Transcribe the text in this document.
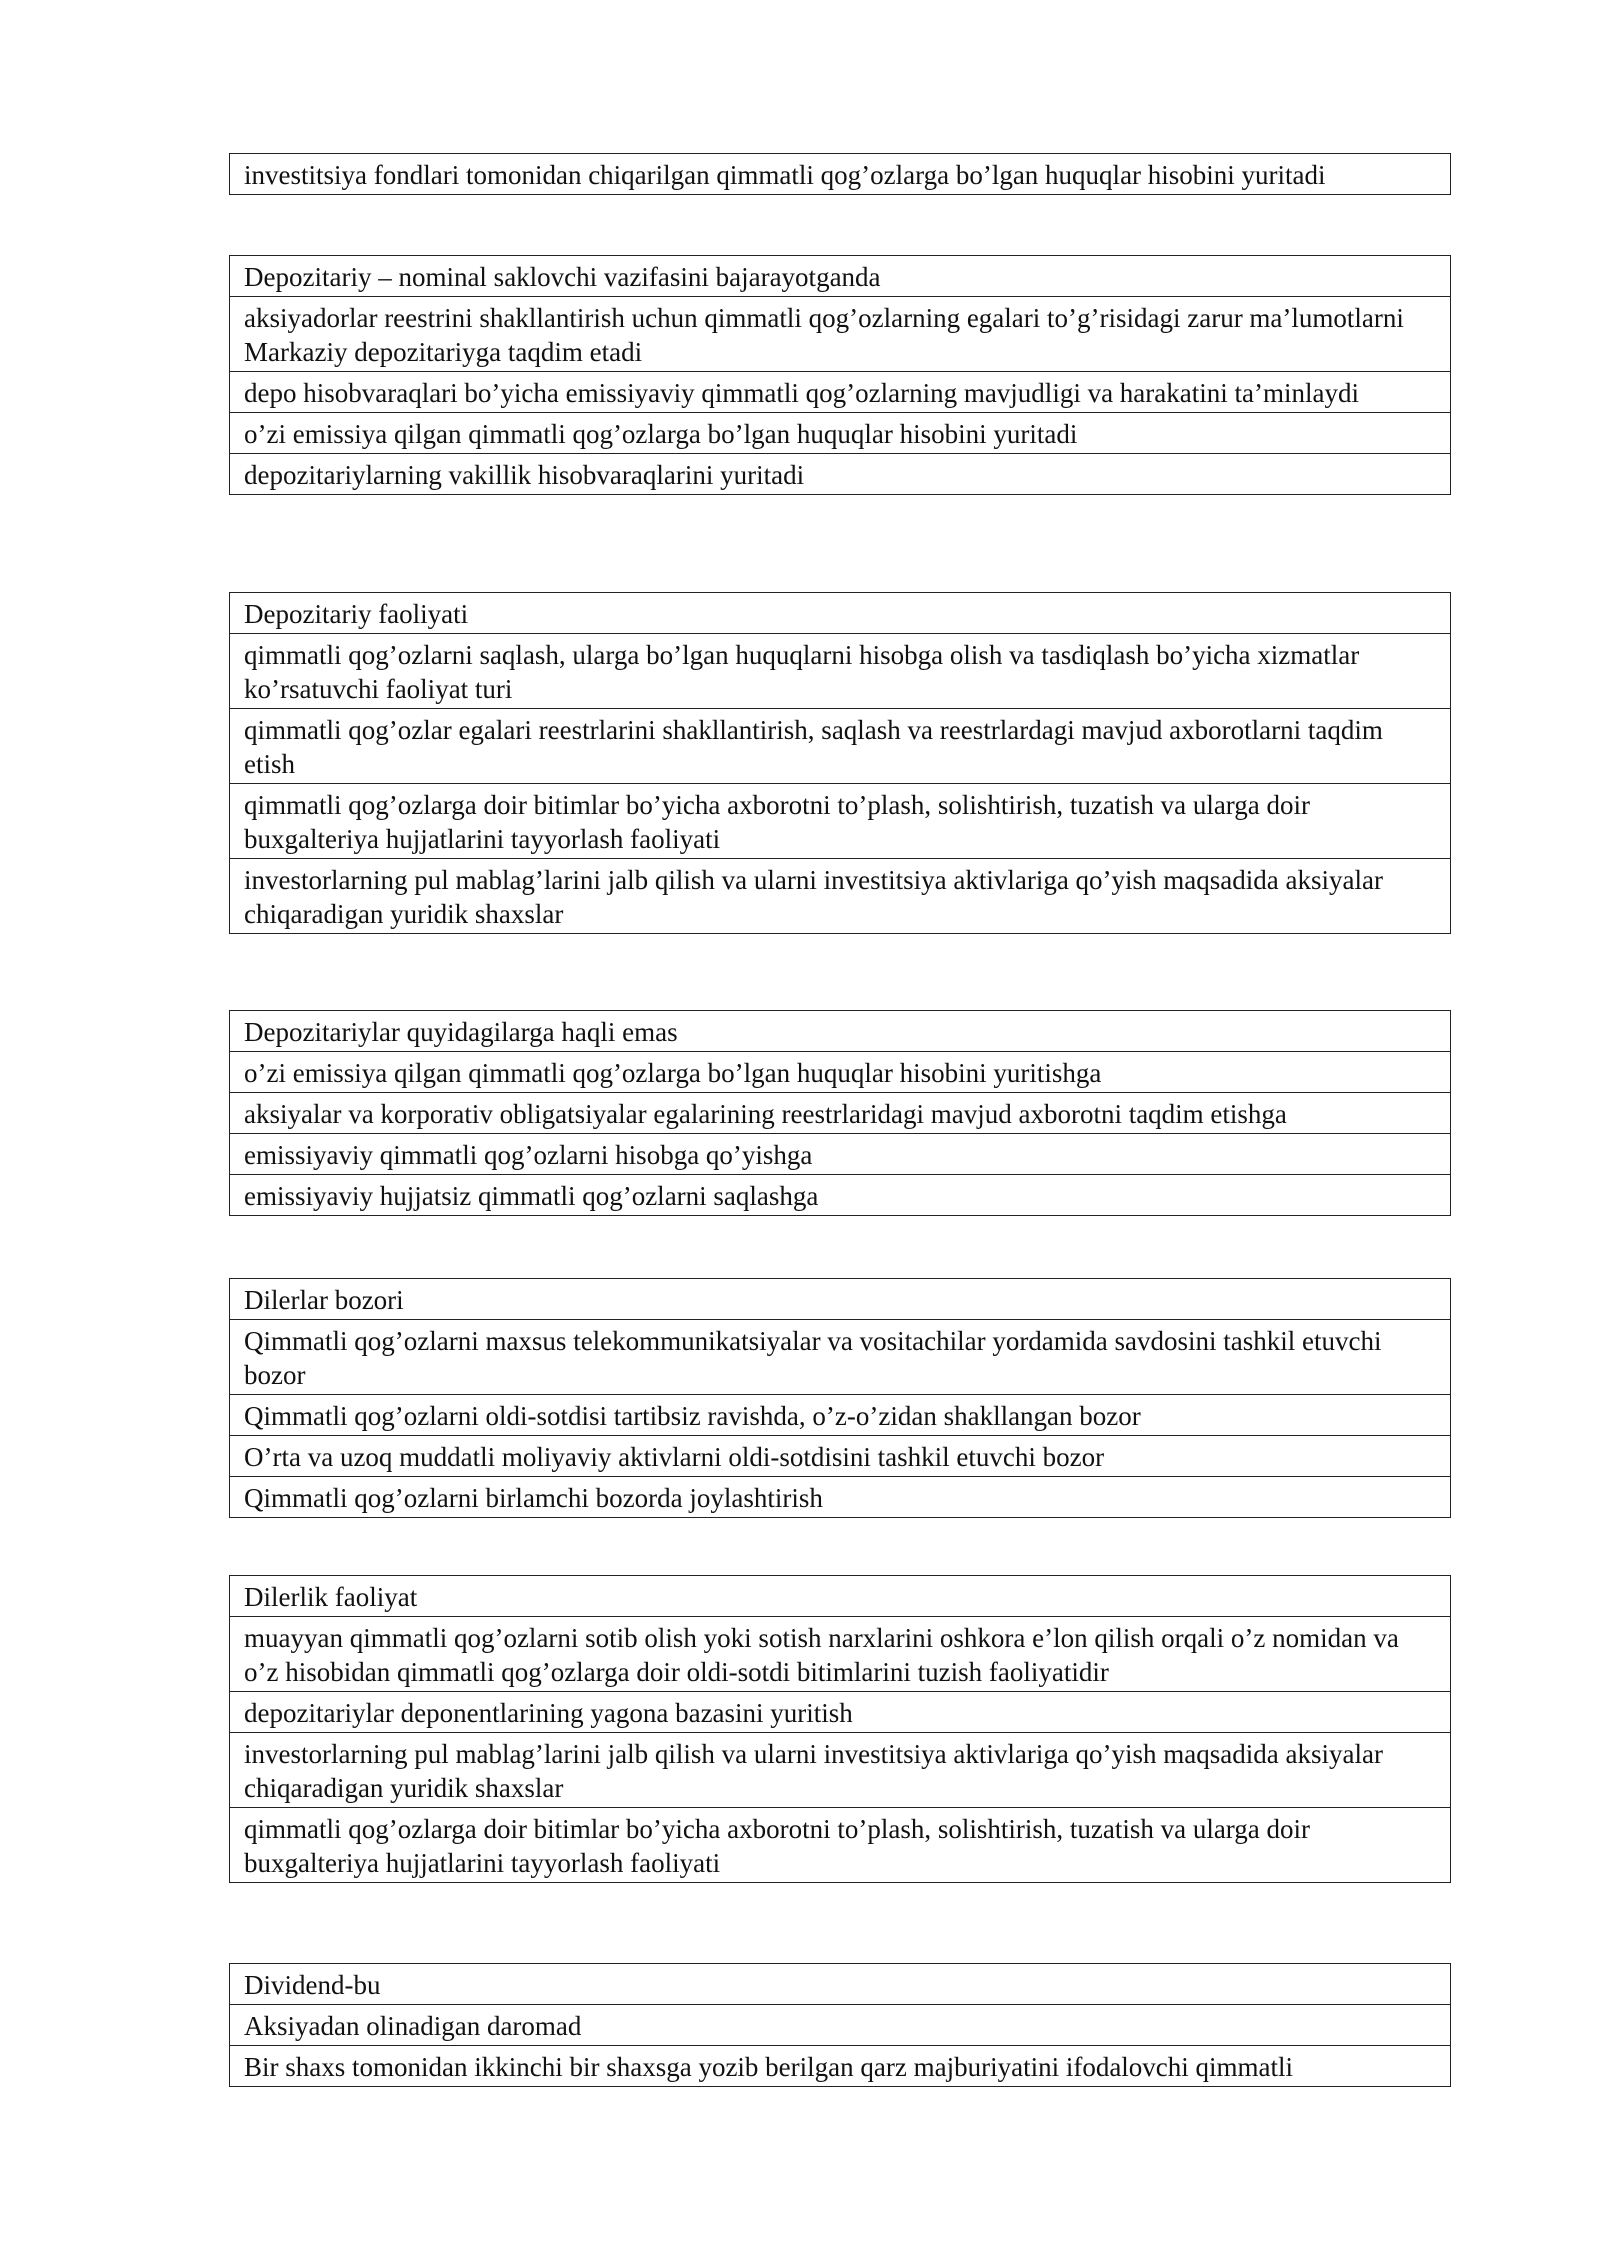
investitsiya fondlari tomonidan chiqarilgan qimmatli qog’ozlarga bo’lgan huquqlar hisobini yuritadi
Depozitariy – nominal saklovchi vazifasini bajarayotganda
aksiyadorlar reestrini shakllantirish uchun qimmatli qog’ozlarning egalari to’g’risidagi zarur ma’lumotlarni Markaziy depozitariyga taqdim etadi
depo hisobvaraqlari bo’yicha emissiyaviy qimmatli qog’ozlarning mavjudligi va harakatini ta’minlaydi
o’zi emissiya qilgan qimmatli qog’ozlarga bo’lgan huquqlar hisobini yuritadi
depozitariylarning vakillik hisobvaraqlarini yuritadi
Depozitariy faoliyati
qimmatli qog’ozlarni saqlash, ularga bo’lgan huquqlarni hisobga olish va tasdiqlash bo’yicha xizmatlar ko’rsatuvchi faoliyat turi
qimmatli qog’ozlar egalari reestrlarini shakllantirish, saqlash va reestrlardagi mavjud axborotlarni taqdim etish
qimmatli qog’ozlarga doir bitimlar bo’yicha axborotni to’plash, solishtirish, tuzatish va ularga doir buxgalteriya hujjatlarini tayyorlash faoliyati
investorlarning pul mablag’larini jalb qilish va ularni investitsiya aktivlariga qo’yish maqsadida aksiyalar chiqaradigan yuridik shaxslar
Depozitariylar quyidagilarga haqli emas
o’zi emissiya qilgan qimmatli qog’ozlarga bo’lgan huquqlar hisobini yuritishga
aksiyalar va korporativ obligatsiyalar egalarining reestrlaridagi mavjud axborotni taqdim etishga
emissiyaviy qimmatli qog’ozlarni hisobga qo’yishga
emissiyaviy hujjatsiz qimmatli qog’ozlarni saqlashga
Dilerlar bozori
Qimmatli qog’ozlarni maxsus telekommunikatsiyalar va vositachilar yordamida savdosini tashkil etuvchi bozor
Qimmatli qog’ozlarni oldi-sotdisi tartibsiz ravishda, o’z-o’zidan shakllangan bozor
O’rta va uzoq muddatli moliyaviy aktivlarni oldi-sotdisini tashkil etuvchi bozor
Qimmatli qog’ozlarni birlamchi bozorda joylashtirish
Dilerlik faoliyat
muayyan qimmatli qog’ozlarni sotib olish yoki sotish narxlarini oshkora e’lon qilish orqali o’z nomidan va o’z hisobidan qimmatli qog’ozlarga doir oldi-sotdi bitimlarini tuzish faoliyatidir
depozitariylar deponentlarining yagona bazasini yuritish
investorlarning pul mablag’larini jalb qilish va ularni investitsiya aktivlariga qo’yish maqsadida aksiyalar chiqaradigan yuridik shaxslar
qimmatli qog’ozlarga doir bitimlar bo’yicha axborotni to’plash, solishtirish, tuzatish va ularga doir buxgalteriya hujjatlarini tayyorlash faoliyati
Dividend-bu
Aksiyadan olinadigan daromad
Bir shaxs tomonidan ikkinchi bir shaxsga yozib berilgan qarz majburiyatini ifodalovchi qimmatli
